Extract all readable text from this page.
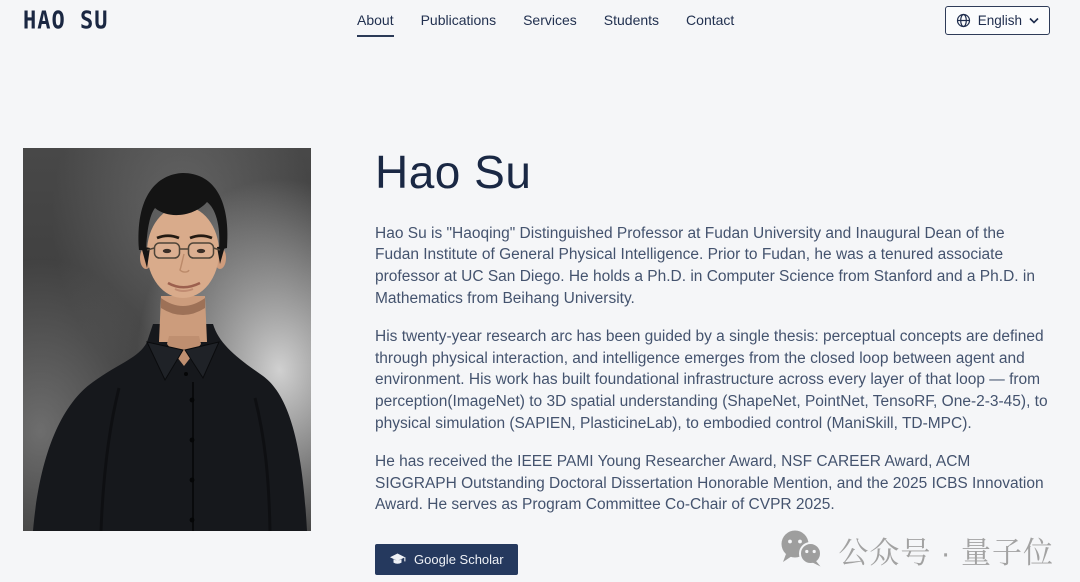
HAO SU	About Publications Services Students Contact	English
Hao Su

Hao Su is "Haoqing" Distinguished Professor at Fudan University and Inaugural Dean of the Fudan Institute of General Physical Intelligence. Prior to Fudan, he was a tenured associate professor at UC San Diego. He holds a Ph.D. in Computer Science from Stanford and a Ph.D. in Mathematics from Beihang University.

His twenty-year research arc has been guided by a single thesis: perceptual concepts are defined through physical interaction, and intelligence emerges from the closed loop between agent and environment. His work has built foundational infrastructure across every layer of that loop — from perception(ImageNet) to 3D spatial understanding (ShapeNet, PointNet, TensoRF, One-2-3-45), to physical simulation (SAPIEN, PlasticineLab), to embodied control (ManiSkill, TD-MPC).

He has received the IEEE PAMI Young Researcher Award, NSF CAREER Award, ACM SIGGRAPH Outstanding Doctoral Dissertation Honorable Mention, and the 2025 ICBS Innovation Award. He serves as Program Committee Co-Chair of CVPR 2025.

Google Scholar	公众号 · 量子位
